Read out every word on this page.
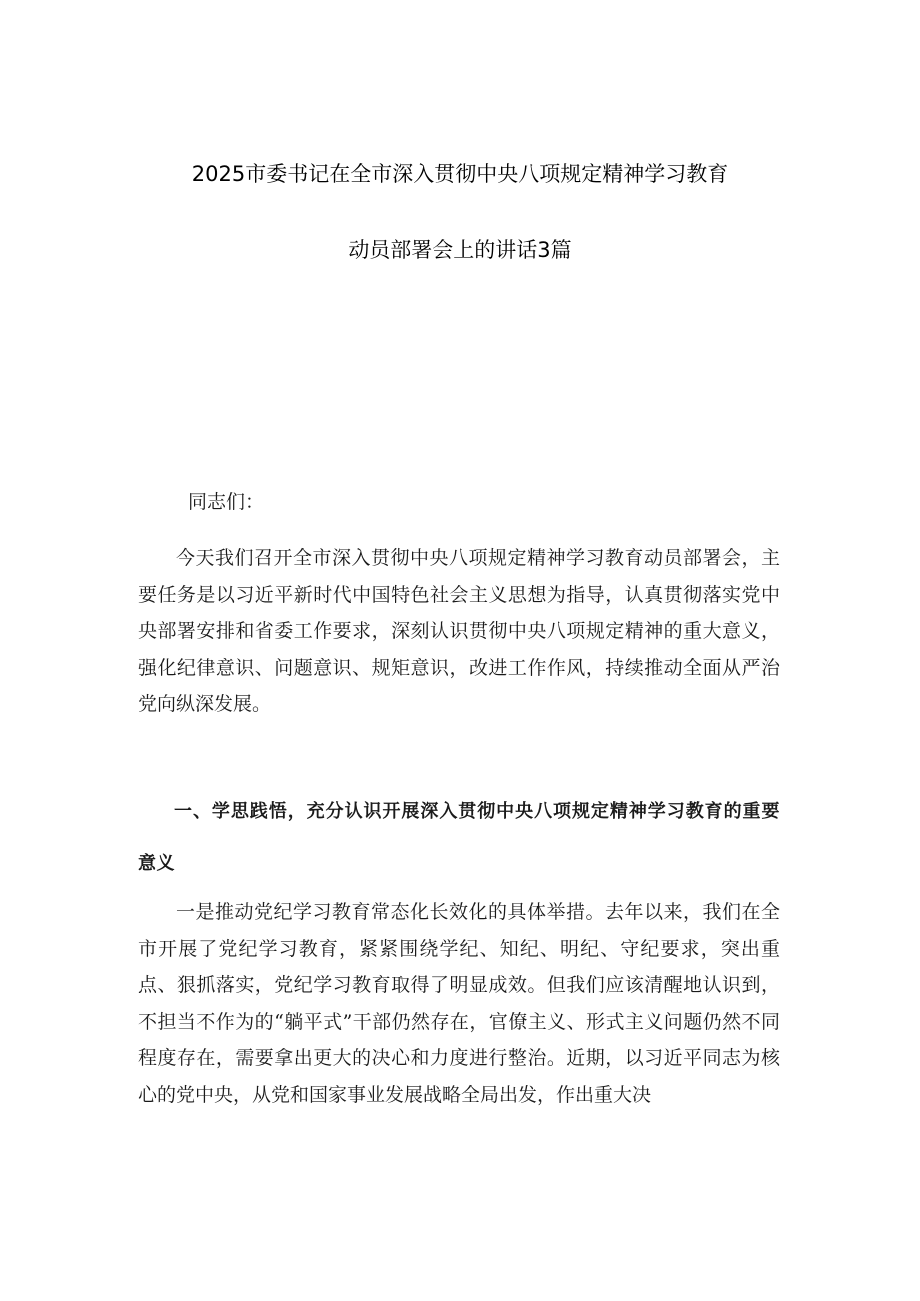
2025市委书记在全市深入贯彻中央八项规定精神学习教育
动员部署会上的讲话3篇
同志们：
今天我们召开全市深入贯彻中央八项规定精神学习教育动员部署会，主要任务是以习近平新时代中国特色社会主义思想为指导，认真贯彻落实党中央部署安排和省委工作要求，深刻认识贯彻中央八项规定精神的重大意义，强化纪律意识、问题意识、规矩意识，改进工作作风，持续推动全面从严治党向纵深发展。
一、学思践悟，充分认识开展深入贯彻中央八项规定精神学习教育的重要意义
一是推动党纪学习教育常态化长效化的具体举措。去年以来，我们在全市开展了党纪学习教育，紧紧围绕学纪、知纪、明纪、守纪要求，突出重点、狠抓落实，党纪学习教育取得了明显成效。但我们应该清醒地认识到，不担当不作为的“躺平式”干部仍然存在，官僚主义、形式主义问题仍然不同程度存在，需要拿出更大的决心和力度进行整治。近期，以习近平同志为核心的党中央，从党和国家事业发展战略全局出发，作出重大决
